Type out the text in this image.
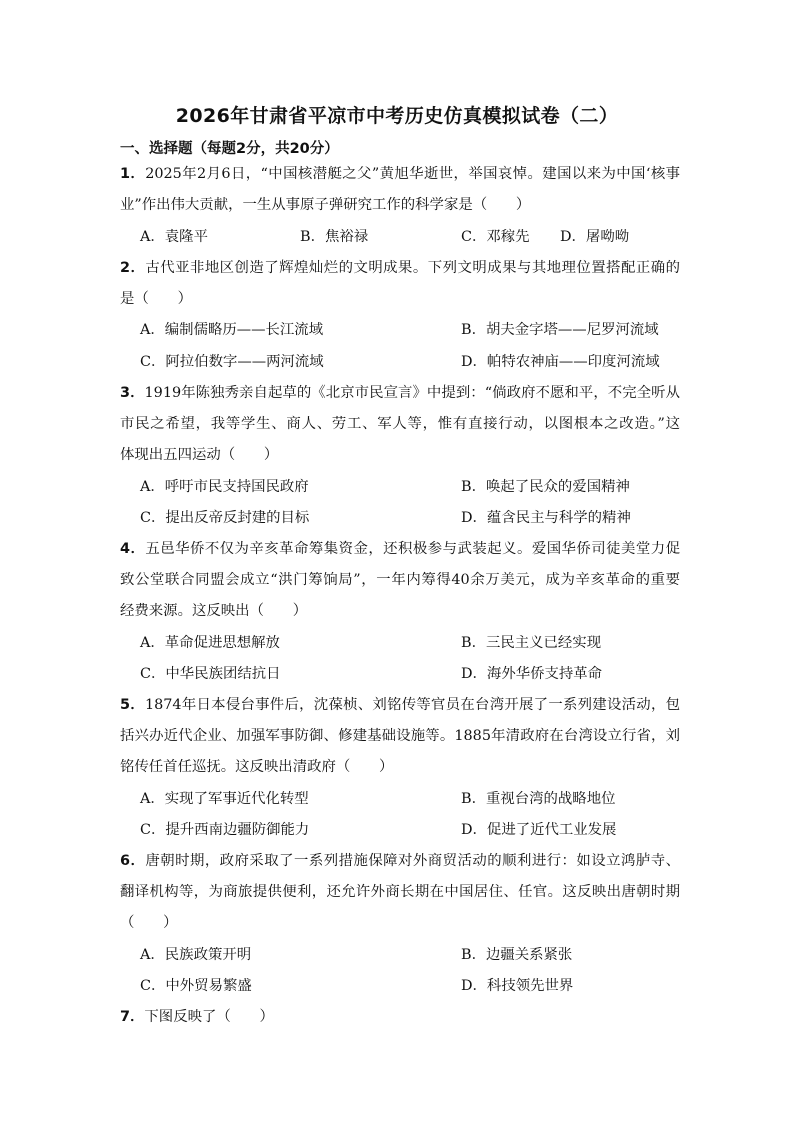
2026年甘肃省平凉市中考历史仿真模拟试卷（二）
一、选择题（每题2分，共20分）
1．2025年2月6日，“中国核潜艇之父”黄旭华逝世，举国哀悼。建国以来为中国‘核事
业”作出伟大贡献，一生从事原子弹研究工作的科学家是（　　）
A．袁隆平	B．焦裕禄	C．邓稼先 D．屠呦呦
2．古代亚非地区创造了辉煌灿烂的文明成果。下列文明成果与其地理位置搭配正确的
是（　　）
A．编制儒略历——长江流域	B．胡夫金字塔——尼罗河流域
C．阿拉伯数字——两河流域	D．帕特农神庙——印度河流域
3．1919年陈独秀亲自起草的《北京市民宣言》中提到：“倘政府不愿和平，不完全听从
市民之希望，我等学生、商人、劳工、军人等，惟有直接行动，以图根本之改造。”这
体现出五四运动（　　）
A．呼吁市民支持国民政府	B．唤起了民众的爱国精神
C．提出反帝反封建的目标	D．蕴含民主与科学的精神
4．五邑华侨不仅为辛亥革命筹集资金，还积极参与武装起义。爱国华侨司徒美堂力促
致公堂联合同盟会成立“洪门筹饷局”，一年内筹得40余万美元，成为辛亥革命的重要
经费来源。这反映出（　　）
A．革命促进思想解放	B．三民主义已经实现
C．中华民族团结抗日	D．海外华侨支持革命
5．1874年日本侵台事件后，沈葆桢、刘铭传等官员在台湾开展了一系列建设活动，包
括兴办近代企业、加强军事防御、修建基础设施等。1885年清政府在台湾设立行省，刘
铭传任首任巡抚。这反映出清政府（　　）
A．实现了军事近代化转型	B．重视台湾的战略地位
C．提升西南边疆防御能力	D．促进了近代工业发展
6．唐朝时期，政府采取了一系列措施保障对外商贸活动的顺利进行：如设立鸿胪寺、
翻译机构等，为商旅提供便利，还允许外商长期在中国居住、任官。这反映出唐朝时期
（　　）
A．民族政策开明	B．边疆关系紧张
C．中外贸易繁盛	D．科技领先世界
7．下图反映了（　　）
